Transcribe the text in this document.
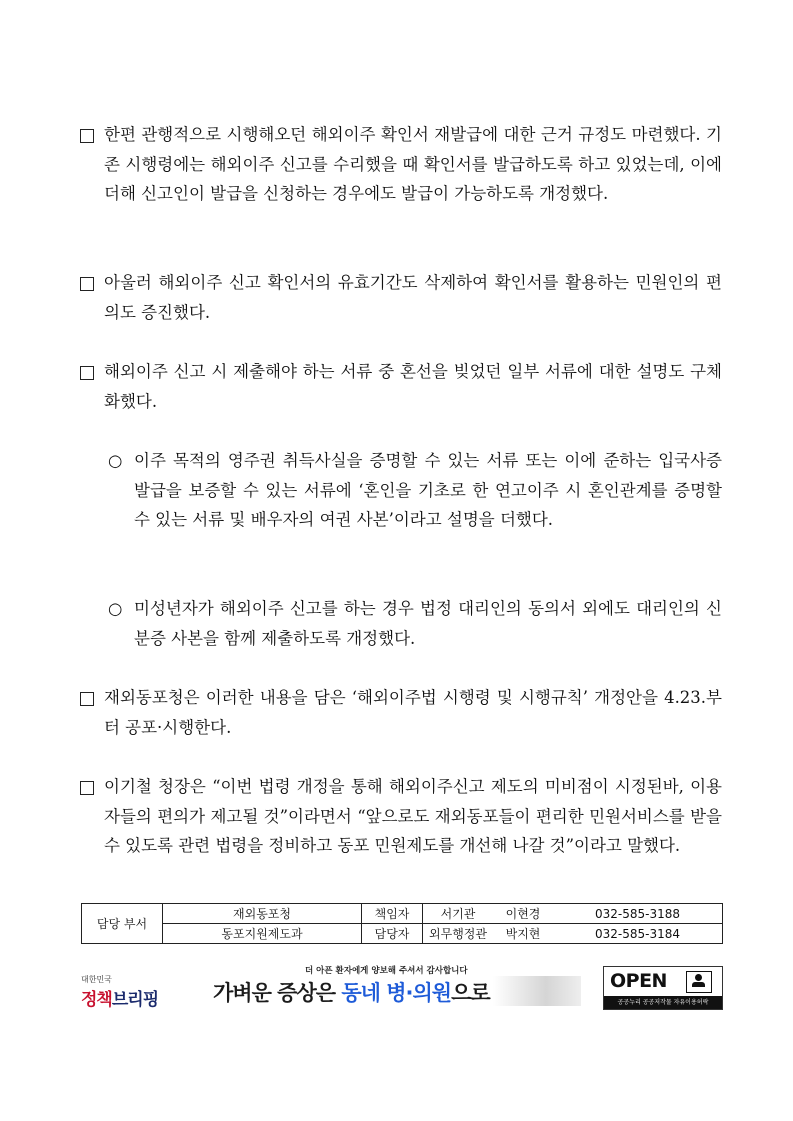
한편 관행적으로 시행해오던 해외이주 확인서 재발급에 대한 근거 규정도 마련했다. 기존 시행령에는 해외이주 신고를 수리했을 때 확인서를 발급하도록 하고 있었는데, 이에 더해 신고인이 발급을 신청하는 경우에도 발급이 가능하도록 개정했다.
아울러 해외이주 신고 확인서의 유효기간도 삭제하여 확인서를 활용하는 민원인의 편의도 증진했다.
해외이주 신고 시 제출해야 하는 서류 중 혼선을 빚었던 일부 서류에 대한 설명도 구체화했다.
○ 이주 목적의 영주권 취득사실을 증명할 수 있는 서류 또는 이에 준하는 입국사증 발급을 보증할 수 있는 서류에 ‘혼인을 기초로 한 연고이주 시 혼인관계를 증명할 수 있는 서류 및 배우자의 여권 사본’이라고 설명을 더했다.
○ 미성년자가 해외이주 신고를 하는 경우 법정 대리인의 동의서 외에도 대리인의 신분증 사본을 함께 제출하도록 개정했다.
재외동포청은 이러한 내용을 담은 ‘해외이주법 시행령 및 시행규칙’ 개정안을 4.23.부터 공포·시행한다.
이기철 청장은 “이번 법령 개정을 통해 해외이주신고 제도의 미비점이 시정된바, 이용자들의 편의가 제고될 것”이라면서 “앞으로도 재외동포들이 편리한 민원서비스를 받을 수 있도록 관련 법령을 정비하고 동포 민원제도를 개선해 나갈 것”이라고 말했다.
담당 부서	재외동포청	책임자	서기관	이현경	032-585-3188
	동포지원제도과	담당자	외무행정관	박지현	032-585-3184
대한민국
정책브리핑
더 아픈 환자에게 양보해 주셔서 감사합니다
가벼운 증상은 동네 병·의원으로	OPEN
공공누리 공공저작물 자유이용허락
